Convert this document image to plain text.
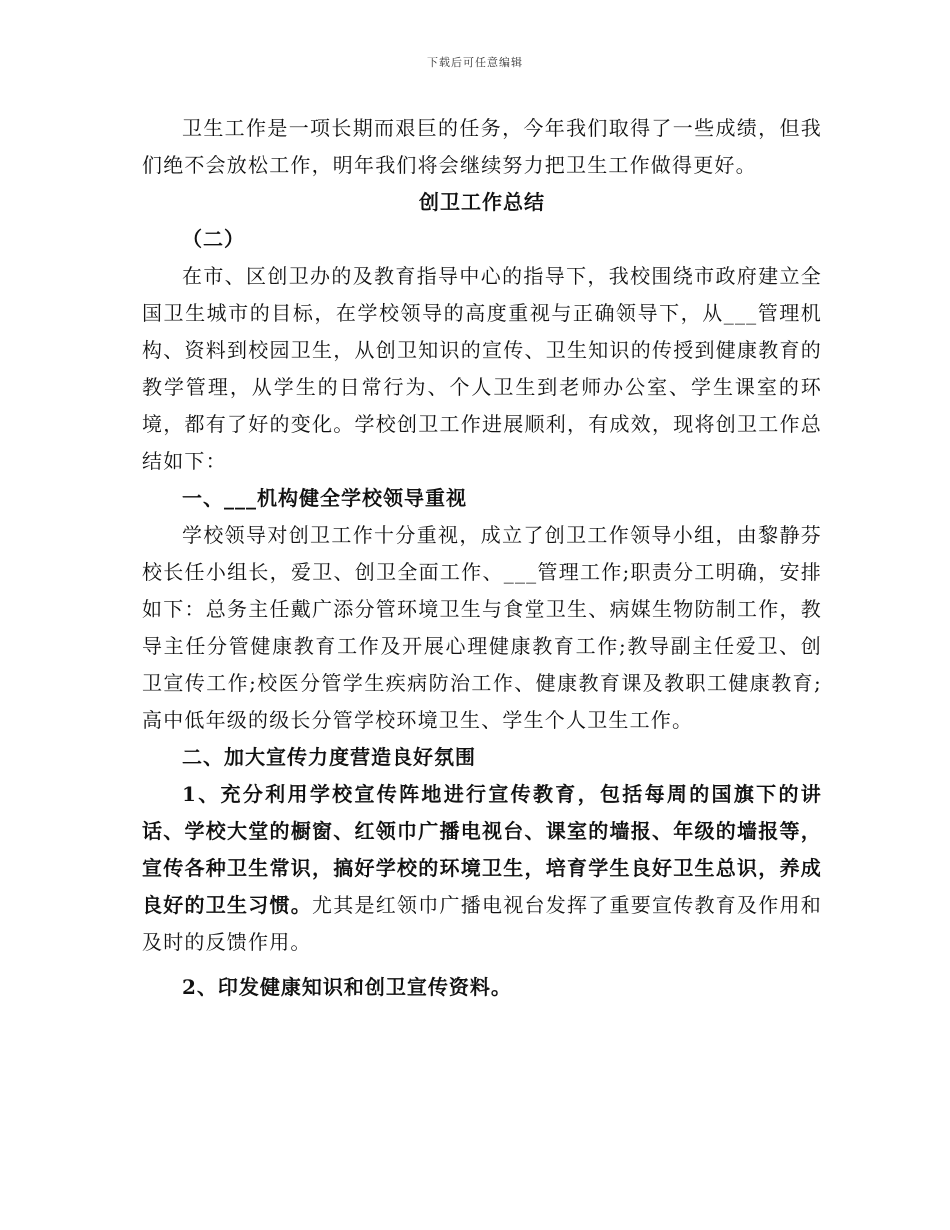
下载后可任意编辑

卫生工作是一项长期而艰巨的任务，今年我们取得了一些成绩，但我们绝不会放松工作，明年我们将会继续努力把卫生工作做得更好。

创卫工作总结

（二）

在市、区创卫办的及教育指导中心的指导下，我校围绕市政府建立全国卫生城市的目标，在学校领导的高度重视与正确领导下，从___管理机构、资料到校园卫生，从创卫知识的宣传、卫生知识的传授到健康教育的教学管理，从学生的日常行为、个人卫生到老师办公室、学生课室的环境，都有了好的变化。学校创卫工作进展顺利，有成效，现将创卫工作总结如下：

一、___机构健全学校领导重视

学校领导对创卫工作十分重视，成立了创卫工作领导小组，由黎静芬校长任小组长，爱卫、创卫全面工作、___管理工作;职责分工明确，安排如下：总务主任戴广添分管环境卫生与食堂卫生、病媒生物防制工作，教导主任分管健康教育工作及开展心理健康教育工作;教导副主任爱卫、创卫宣传工作;校医分管学生疾病防治工作、健康教育课及教职工健康教育;高中低年级的级长分管学校环境卫生、学生个人卫生工作。

二、加大宣传力度营造良好氛围

1、充分利用学校宣传阵地进行宣传教育，包括每周的国旗下的讲话、学校大堂的橱窗、红领巾广播电视台、课室的墙报、年级的墙报等，宣传各种卫生常识，搞好学校的环境卫生，培育学生良好卫生总识，养成良好的卫生习惯。尤其是红领巾广播电视台发挥了重要宣传教育及作用和及时的反馈作用。

2、印发健康知识和创卫宣传资料。
